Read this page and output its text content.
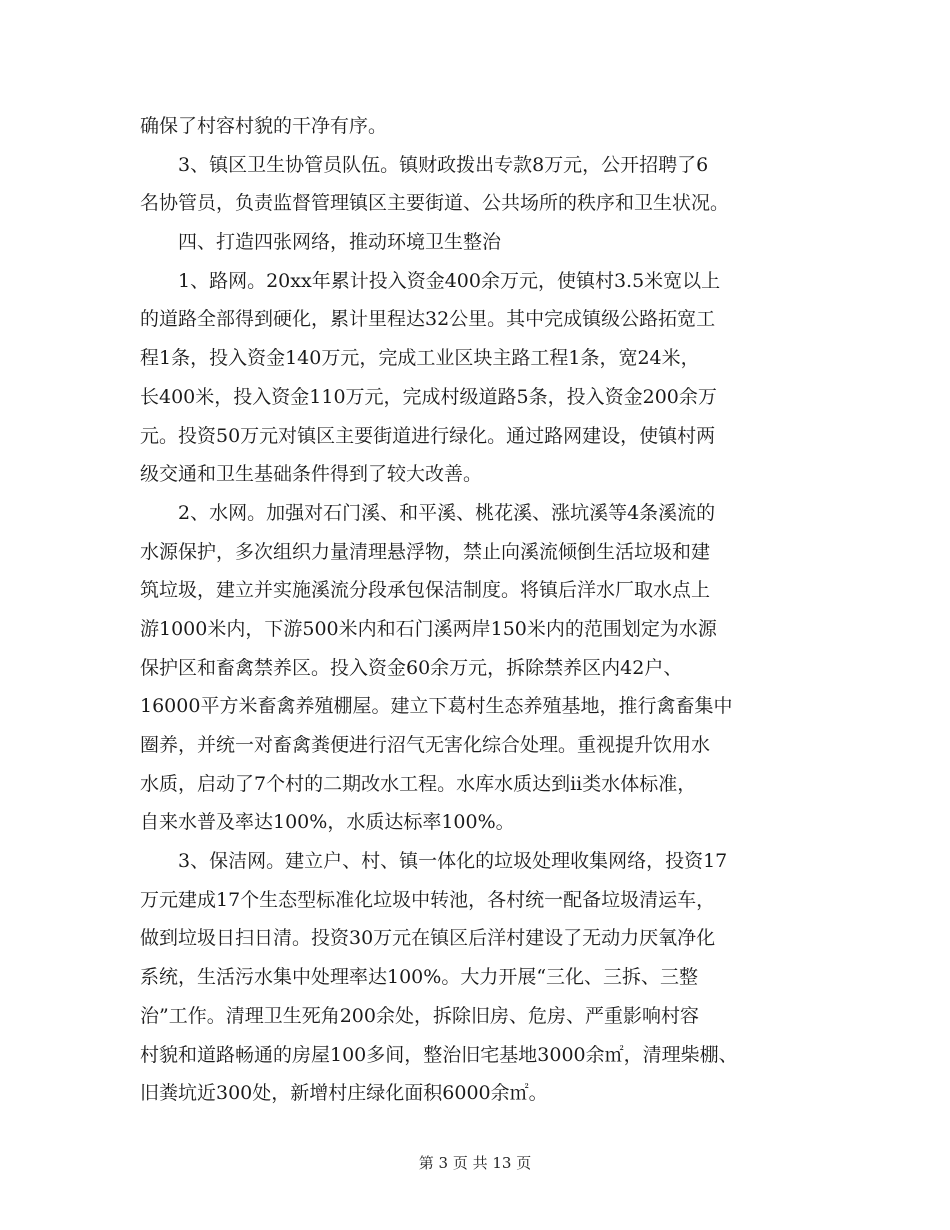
确保了村容村貌的干净有序。
　　3、镇区卫生协管员队伍。镇财政拨出专款8万元，公开招聘了6
名协管员，负责监督管理镇区主要街道、公共场所的秩序和卫生状况。
　　四、打造四张网络，推动环境卫生整治
　　1、路网。20xx年累计投入资金400余万元，使镇村3.5米宽以上
的道路全部得到硬化，累计里程达32公里。其中完成镇级公路拓宽工
程1条，投入资金140万元，完成工业区块主路工程1条，宽24米，
长400米，投入资金110万元，完成村级道路5条，投入资金200余万
元。投资50万元对镇区主要街道进行绿化。通过路网建设，使镇村两
级交通和卫生基础条件得到了较大改善。
　　2、水网。加强对石门溪、和平溪、桃花溪、涨坑溪等4条溪流的
水源保护，多次组织力量清理悬浮物，禁止向溪流倾倒生活垃圾和建
筑垃圾，建立并实施溪流分段承包保洁制度。将镇后洋水厂取水点上
游1000米内，下游500米内和石门溪两岸150米内的范围划定为水源
保护区和畜禽禁养区。投入资金60余万元，拆除禁养区内42户、
16000平方米畜禽养殖棚屋。建立下葛村生态养殖基地，推行禽畜集中
圈养，并统一对畜禽粪便进行沼气无害化综合处理。重视提升饮用水
水质，启动了7个村的二期改水工程。水库水质达到ii类水体标准，
自来水普及率达100%，水质达标率100%。
　　3、保洁网。建立户、村、镇一体化的垃圾处理收集网络，投资17
万元建成17个生态型标准化垃圾中转池，各村统一配备垃圾清运车，
做到垃圾日扫日清。投资30万元在镇区后洋村建设了无动力厌氧净化
系统，生活污水集中处理率达100%。大力开展“三化、三拆、三整
治”工作。清理卫生死角200余处，拆除旧房、危房、严重影响村容
村貌和道路畅通的房屋100多间，整治旧宅基地3000余㎡，清理柴棚、
旧粪坑近300处，新增村庄绿化面积6000余㎡。
第 3 页 共 13 页
